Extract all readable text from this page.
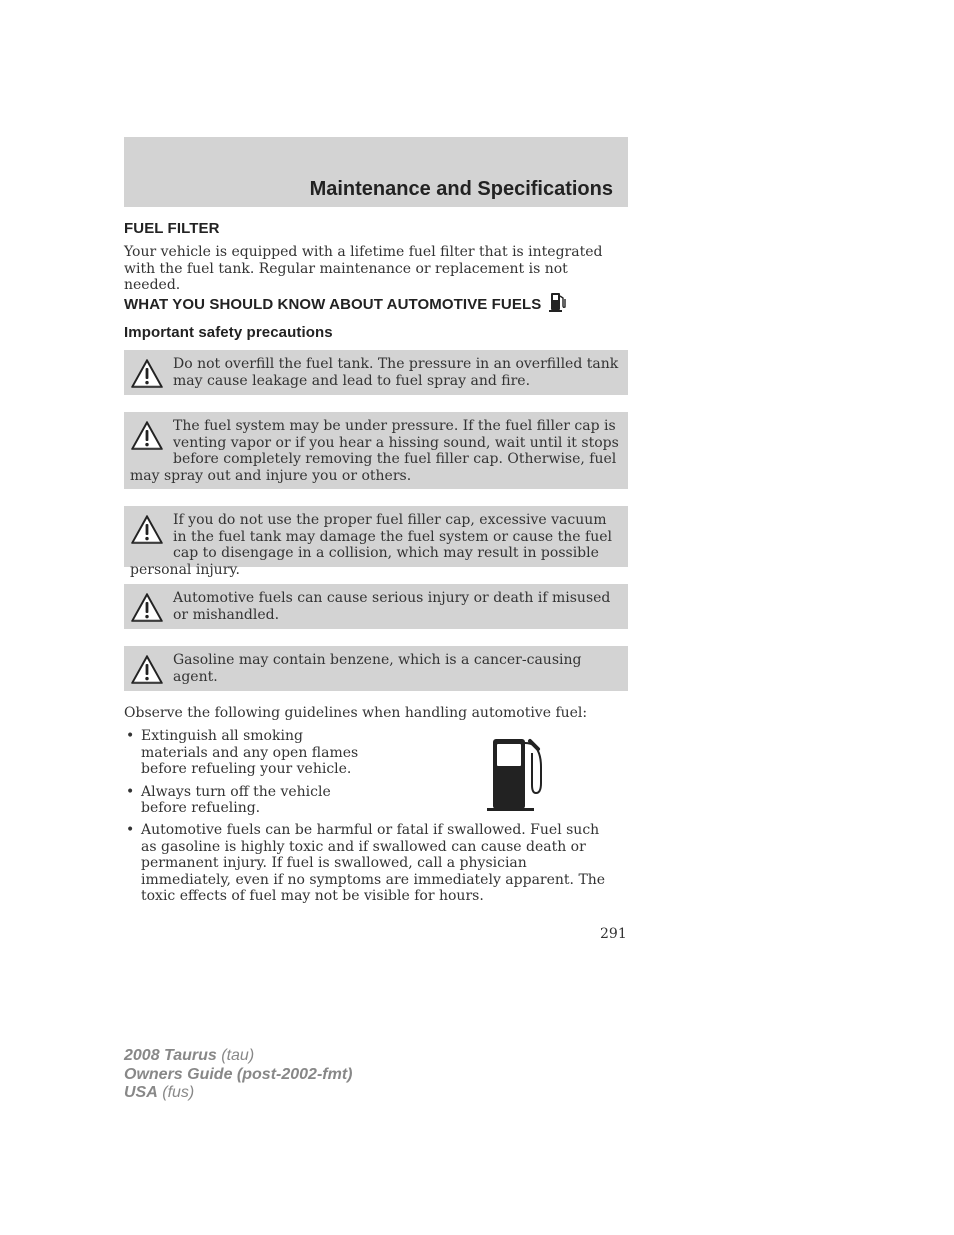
Maintenance and Specifications
FUEL FILTER
Your vehicle is equipped with a lifetime fuel filter that is integrated with the fuel tank. Regular maintenance or replacement is not needed.
WHAT YOU SHOULD KNOW ABOUT AUTOMOTIVE FUELS
Important safety precautions
Do not overfill the fuel tank. The pressure in an overfilled tank may cause leakage and lead to fuel spray and fire.
The fuel system may be under pressure. If the fuel filler cap is venting vapor or if you hear a hissing sound, wait until it stops before completely removing the fuel filler cap. Otherwise, fuel may spray out and injure you or others.
If you do not use the proper fuel filler cap, excessive vacuum in the fuel tank may damage the fuel system or cause the fuel cap to disengage in a collision, which may result in possible personal injury.
Automotive fuels can cause serious injury or death if misused or mishandled.
Gasoline may contain benzene, which is a cancer-causing agent.
Observe the following guidelines when handling automotive fuel:
• Extinguish all smoking materials and any open flames before refueling your vehicle.
• Always turn off the vehicle before refueling.
• Automotive fuels can be harmful or fatal if swallowed. Fuel such as gasoline is highly toxic and if swallowed can cause death or permanent injury. If fuel is swallowed, call a physician immediately, even if no symptoms are immediately apparent. The toxic effects of fuel may not be visible for hours.
291
2008 Taurus (tau)
Owners Guide (post-2002-fmt)
USA (fus)
